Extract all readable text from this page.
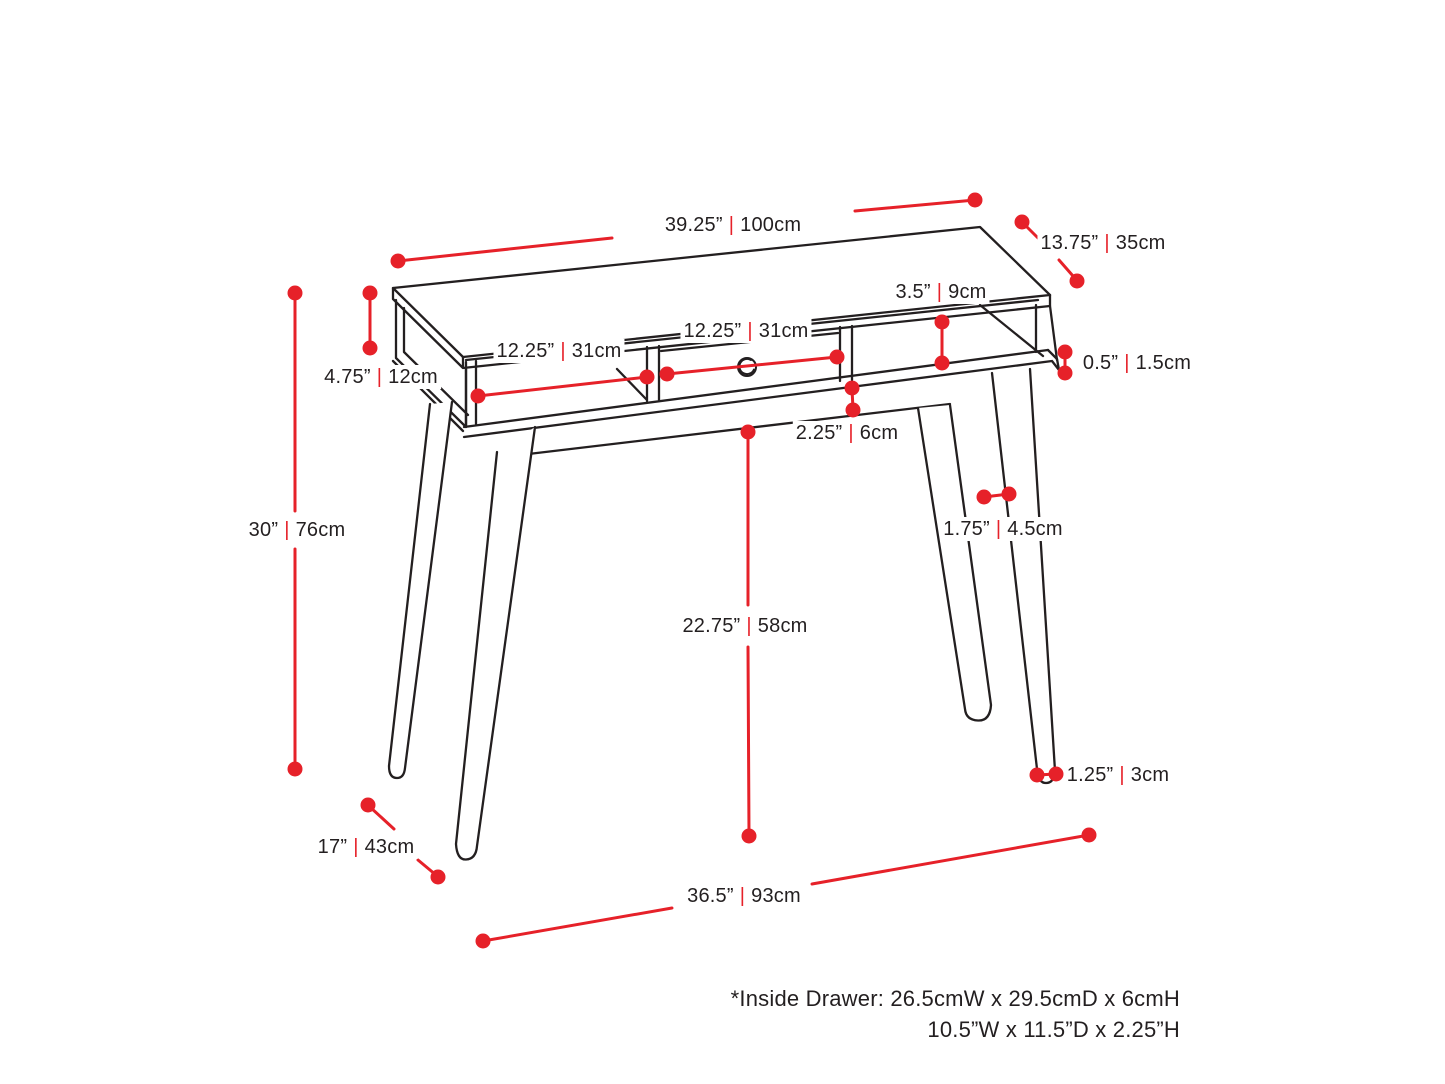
39.25” | 100cm
13.75” | 35cm
3.5” | 9cm
0.5” | 1.5cm
4.75” | 12cm
12.25” | 31cm
12.25” | 31cm
2.25” | 6cm
1.75” | 4.5cm
30” | 76cm
22.75” | 58cm
1.25” | 3cm
17” | 43cm
36.5” | 93cm
*Inside Drawer: 26.5cmW x 29.5cmD x 6cmH
10.5”W x 11.5”D x 2.25”H
